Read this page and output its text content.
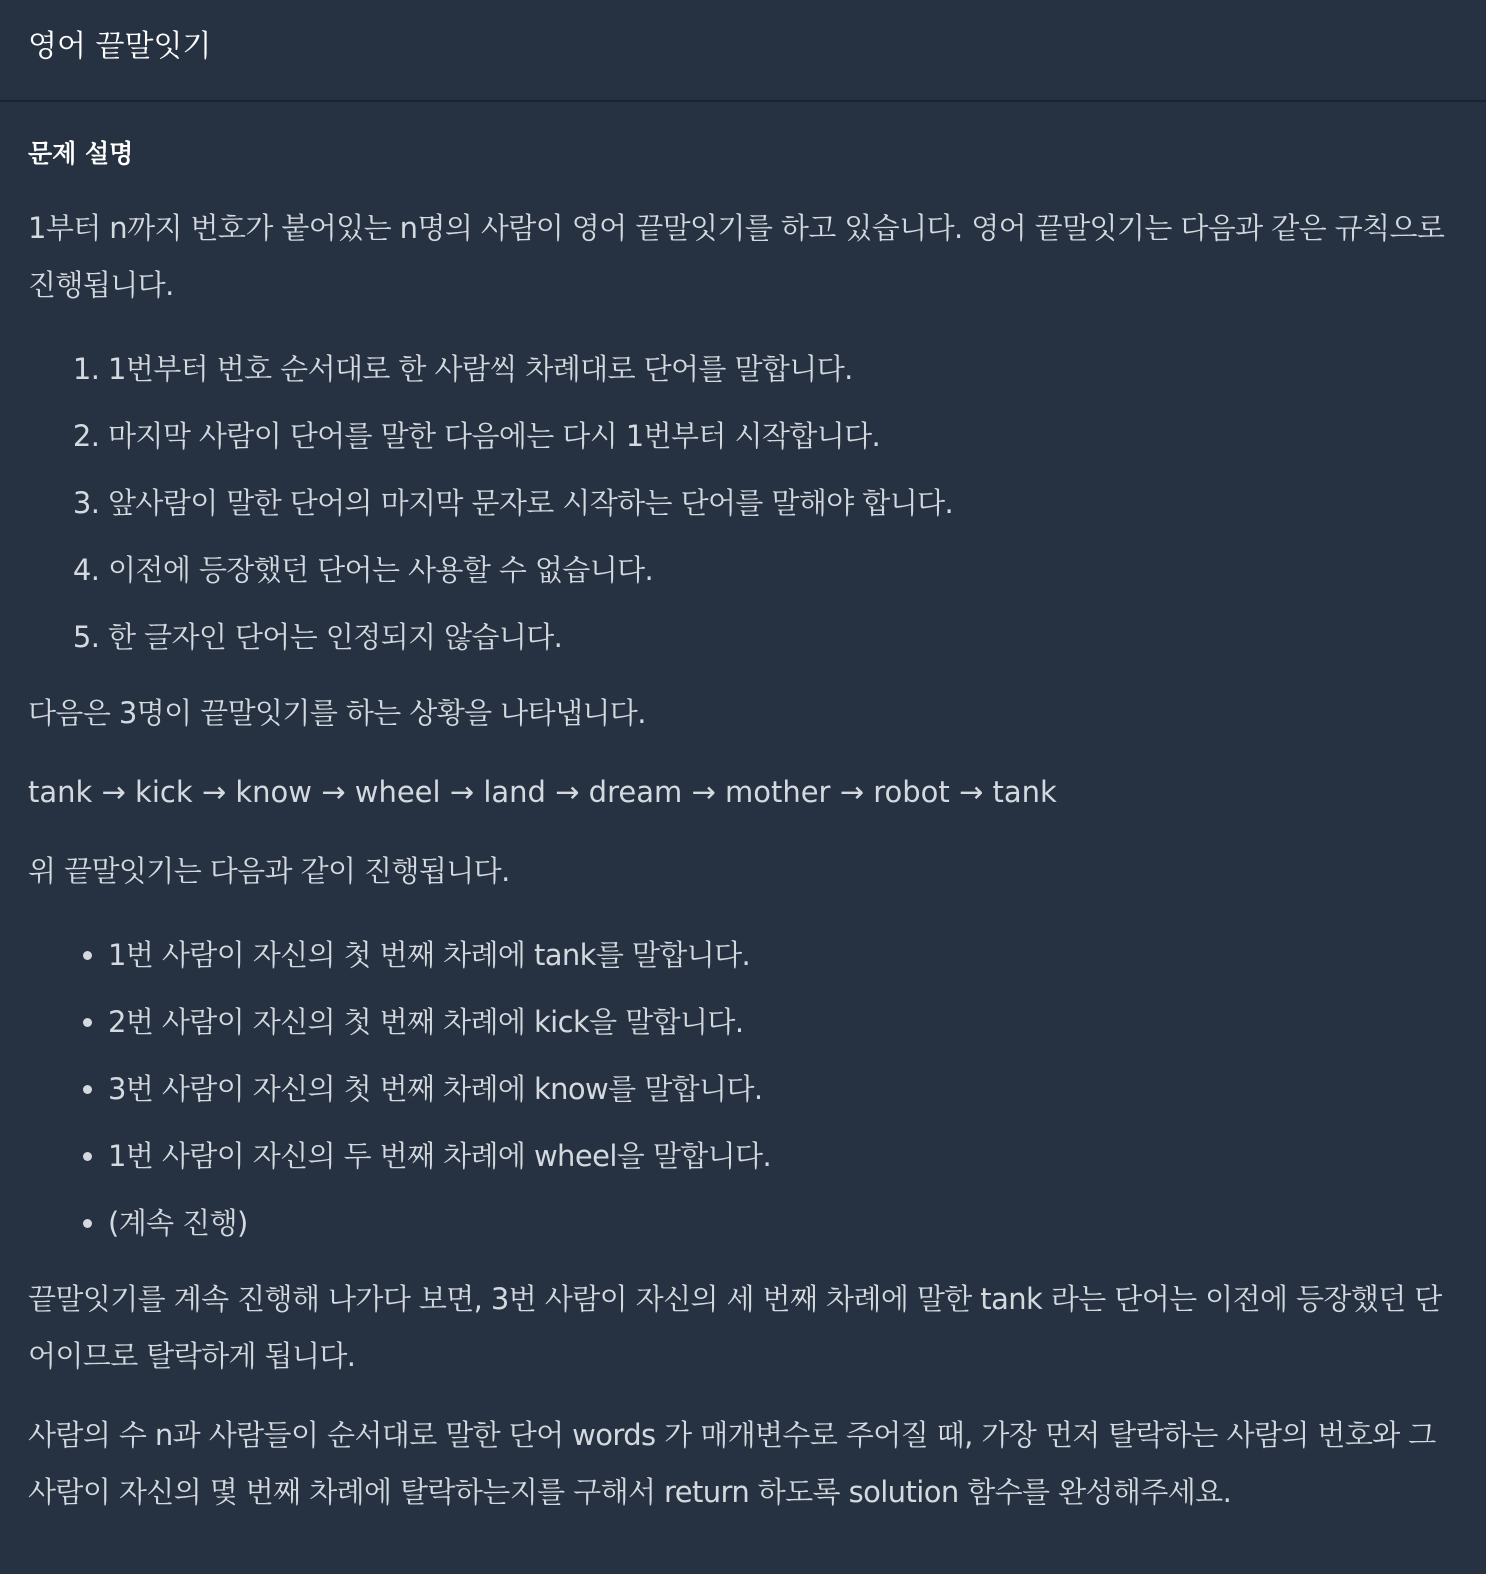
영어 끝말잇기
문제 설명

1부터 n까지 번호가 붙어있는 n명의 사람이 영어 끝말잇기를 하고 있습니다. 영어 끝말잇기는 다음과 같은 규칙으로 진행됩니다.

1. 1번부터 번호 순서대로 한 사람씩 차례대로 단어를 말합니다.
2. 마지막 사람이 단어를 말한 다음에는 다시 1번부터 시작합니다.
3. 앞사람이 말한 단어의 마지막 문자로 시작하는 단어를 말해야 합니다.
4. 이전에 등장했던 단어는 사용할 수 없습니다.
5. 한 글자인 단어는 인정되지 않습니다.

다음은 3명이 끝말잇기를 하는 상황을 나타냅니다.

tank → kick → know → wheel → land → dream → mother → robot → tank

위 끝말잇기는 다음과 같이 진행됩니다.

• 1번 사람이 자신의 첫 번째 차례에 tank를 말합니다.
• 2번 사람이 자신의 첫 번째 차례에 kick을 말합니다.
• 3번 사람이 자신의 첫 번째 차례에 know를 말합니다.
• 1번 사람이 자신의 두 번째 차례에 wheel을 말합니다.
• (계속 진행)

끝말잇기를 계속 진행해 나가다 보면, 3번 사람이 자신의 세 번째 차례에 말한 tank 라는 단어는 이전에 등장했던 단어이므로 탈락하게 됩니다.

사람의 수 n과 사람들이 순서대로 말한 단어 words 가 매개변수로 주어질 때, 가장 먼저 탈락하는 사람의 번호와 그 사람이 자신의 몇 번째 차례에 탈락하는지를 구해서 return 하도록 solution 함수를 완성해주세요.
